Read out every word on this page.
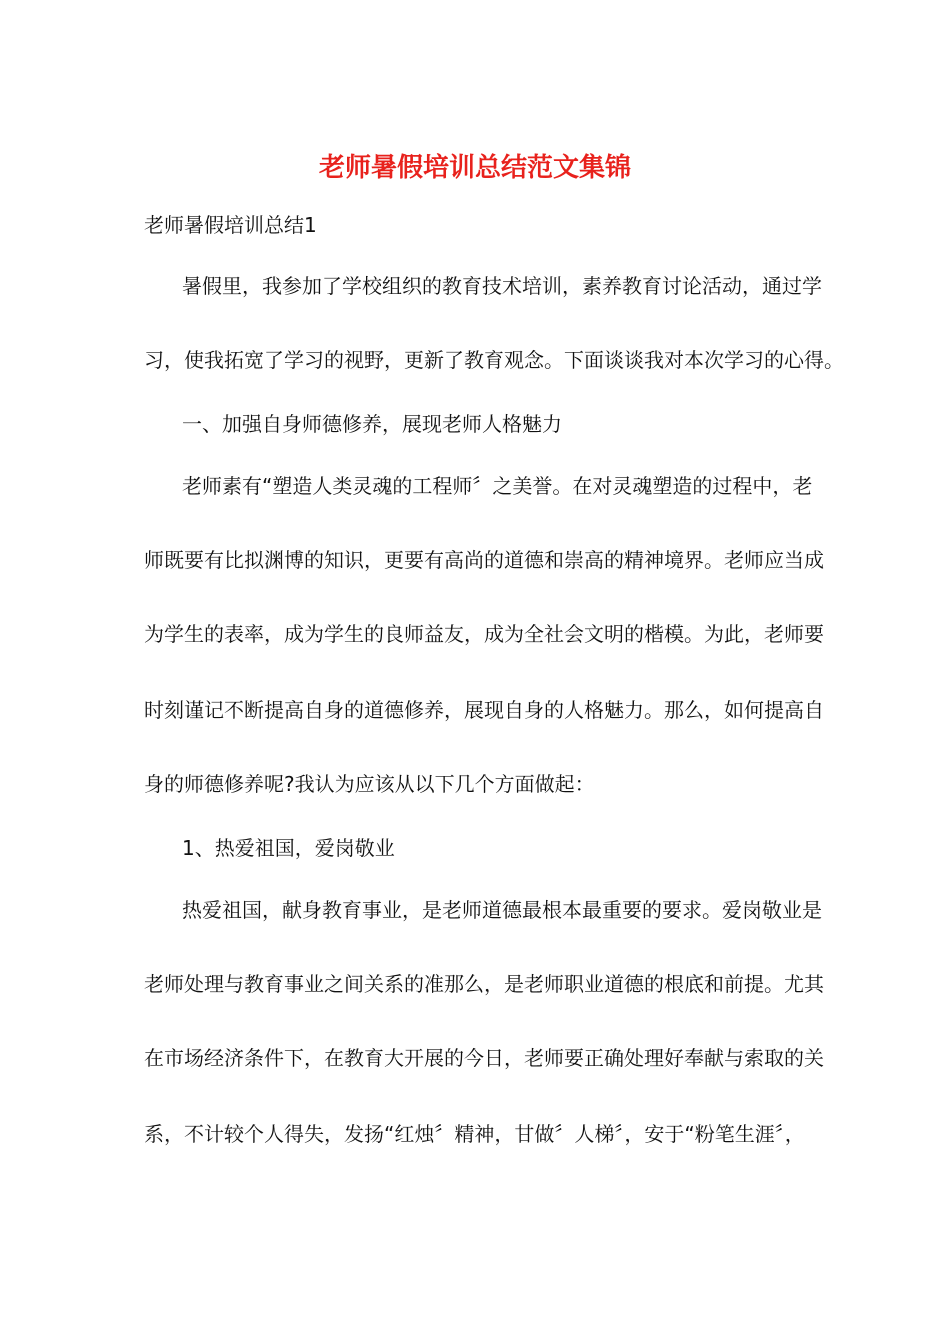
老师暑假培训总结范文集锦
老师暑假培训总结1
暑假里，我参加了学校组织的教育技术培训，素养教育讨论活动，通过学
习，使我拓宽了学习的视野，更新了教育观念。下面谈谈我对本次学习的心得。
一、加强自身师德修养，展现老师人格魅力
老师素有“塑造人类灵魂的工程师〞之美誉。在对灵魂塑造的过程中，老
师既要有比拟渊博的知识，更要有高尚的道德和崇高的精神境界。老师应当成
为学生的表率，成为学生的良师益友，成为全社会文明的楷模。为此，老师要
时刻谨记不断提高自身的道德修养，展现自身的人格魅力。那么，如何提高自
身的师德修养呢?我认为应该从以下几个方面做起：
1、热爱祖国，爱岗敬业
热爱祖国，献身教育事业，是老师道德最根本最重要的要求。爱岗敬业是
老师处理与教育事业之间关系的准那么，是老师职业道德的根底和前提。尤其
在市场经济条件下，在教育大开展的今日，老师要正确处理好奉献与索取的关
系，不计较个人得失，发扬“红烛〞精神，甘做〞人梯〞，安于“粉笔生涯〞，
